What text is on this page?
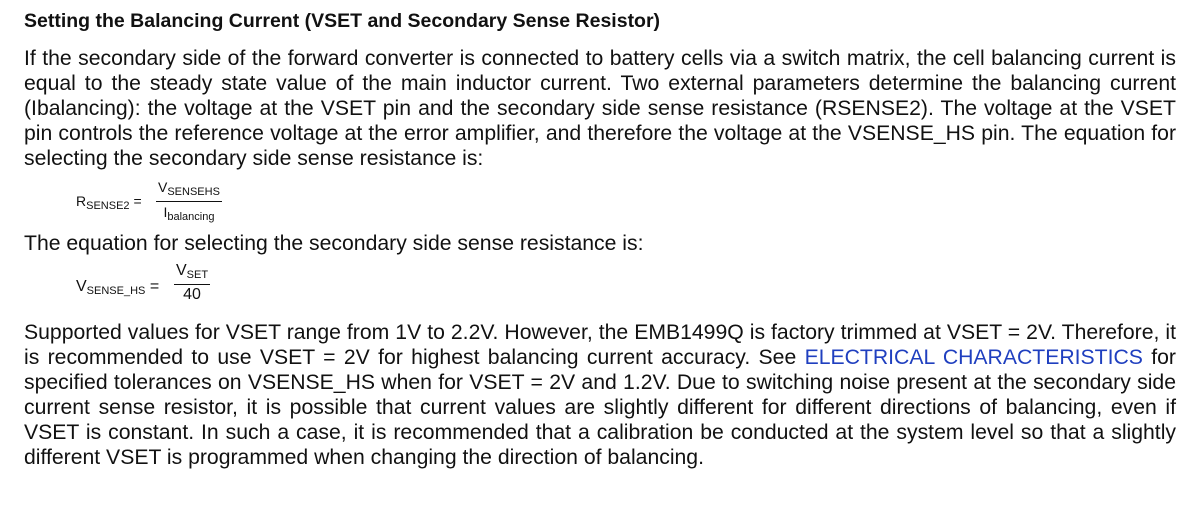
Setting the Balancing Current (VSET and Secondary Sense Resistor)

If the secondary side of the forward converter is connected to battery cells via a switch matrix, the cell balancing current is equal to the steady state value of the main inductor current. Two external parameters determine the balancing current (Ibalancing): the voltage at the VSET pin and the secondary side sense resistance (RSENSE2). The voltage at the VSET pin controls the reference voltage at the error amplifier, and therefore the voltage at the VSENSE_HS pin. The equation for selecting the secondary side sense resistance is:

$R_{SENSE2}$ =
$V_{SENSEHS}$
$I_{balancing}$

The equation for selecting the secondary side sense resistance is:

$V_{SENSE\_HS}$ =
$V_{SET}$
40

Supported values for VSET range from 1V to 2.2V. However, the EMB1499Q is factory trimmed at VSET = 2V. Therefore, it is recommended to use VSET = 2V for highest balancing current accuracy. See ELECTRICAL CHARACTERISTICS for specified tolerances on VSENSE_HS when for VSET = 2V and 1.2V. Due to switching noise present at the secondary side current sense resistor, it is possible that current values are slightly different for different directions of balancing, even if VSET is constant. In such a case, it is recommended that a calibration be conducted at the system level so that a slightly different VSET is programmed when changing the direction of balancing.
